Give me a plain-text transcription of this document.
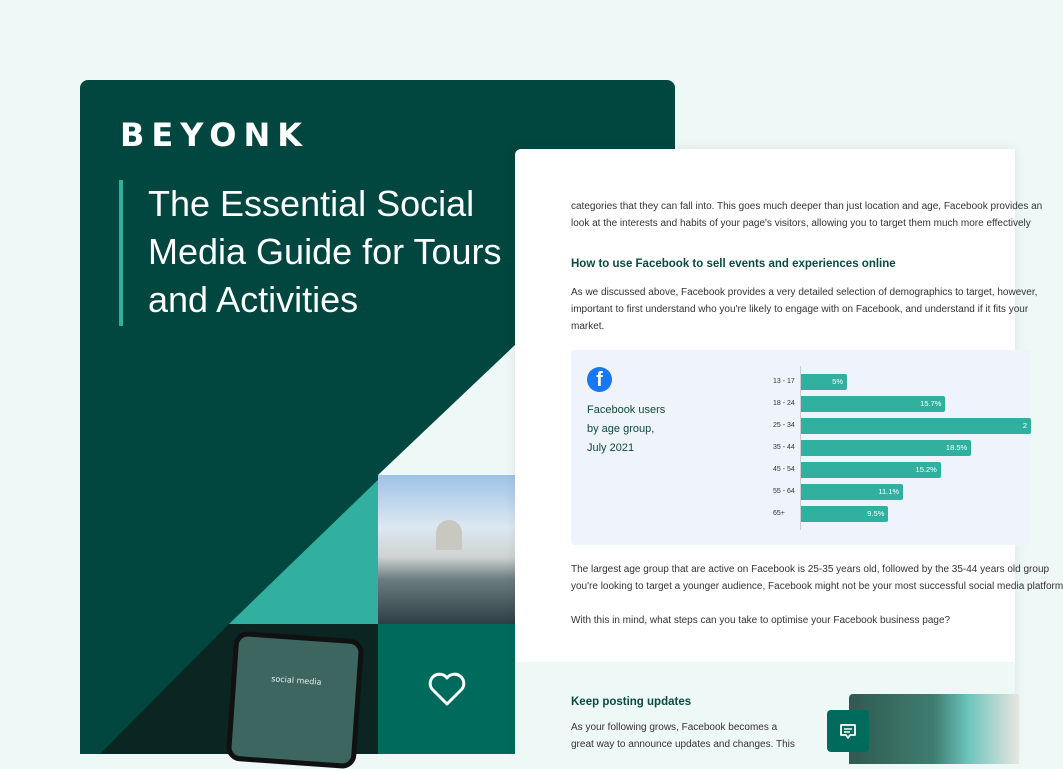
BEYONK
The Essential Social Media Guide for Tours and Activities
social media
categories that they can fall into. This goes much deeper than just location and age, Facebook provides an
look at the interests and habits of your page's visitors, allowing you to target them much more effectively
How to use Facebook to sell events and experiences online
As we discussed above, Facebook provides a very detailed selection of demographics to target, however,
important to first understand who you're likely to engage with on Facebook, and understand if it fits your
market.
f
Facebook users
by age group,
July 2021
13 - 17	5%
18 - 24	15.7%
25 - 34	2
35 - 44	18.5%
45 - 54	15.2%
55 - 64	11.1%
65+	9.5%
The largest age group that are active on Facebook is 25-35 years old, followed by the 35-44 years old group
you're looking to target a younger audience, Facebook might not be your most successful social media platform
With this in mind, what steps can you take to optimise your Facebook business page?
Keep posting updates
As your following grows, Facebook becomes a
great way to announce updates and changes. This
